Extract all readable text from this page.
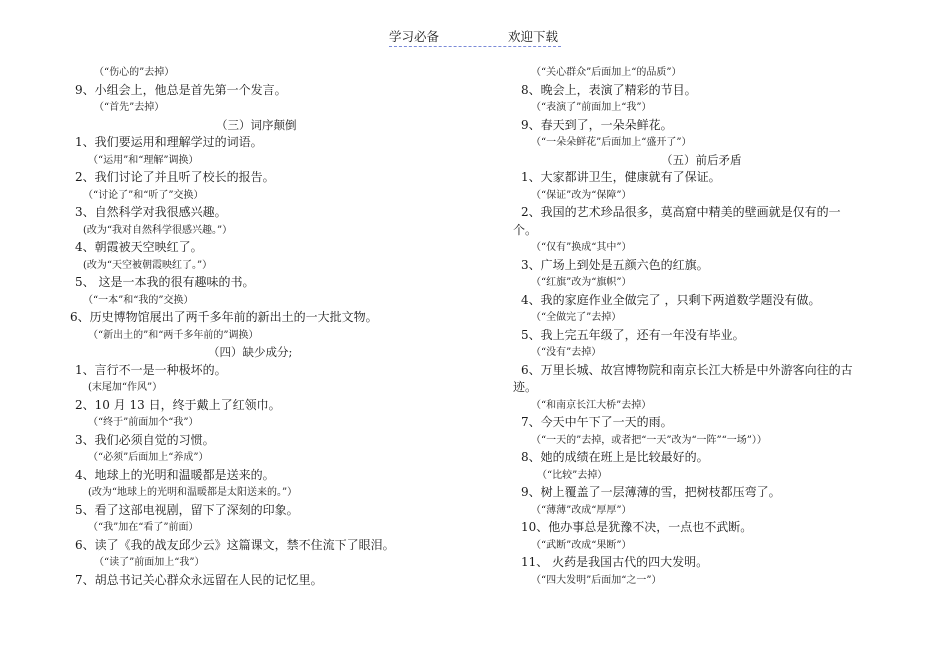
学习必备	欢迎下载
（“伤心的”去掉）
9、小组会上，他总是首先第一个发言。
（“首先”去掉）
（三）词序颠倒
1、我们要运用和理解学过的词语。
（“运用”和“理解”调换）
2、我们讨论了并且听了校长的报告。
（“讨论了”和“听了”交换）
3、自然科学对我很感兴趣。
(改为“我对自然科学很感兴趣。”）
4、朝霞被天空映红了。
(改为“天空被朝霞映红了。”）
5、 这是一本我的很有趣味的书。
（“一本”和“我的”交换）
6、历史博物馆展出了两千多年前的新出土的一大批文物。
（“新出土的”和“两千多年前的”调换）
（四）缺少成分;
1、言行不一是一种极坏的。
(末尾加“作风”）
2、10 月 13 日，终于戴上了红领巾。
（“终于”前面加个“我”）
3、我们必须自觉的习惯。
（“必须”后面加上“养成”）
4、地球上的光明和温暖都是送来的。
(改为“地球上的光明和温暖都是太阳送来的。”）
5、看了这部电视剧，留下了深刻的印象。
（“我”加在“看了”前面）
6、读了《我的战友邱少云》这篇课文，禁不住流下了眼泪。
（“读了”前面加上“我”）
7、胡总书记关心群众永远留在人民的记忆里。
（“关心群众”后面加上“的品质”）
8、晚会上，表演了精彩的节目。
（“表演了”前面加上“我”）
9、春天到了，一朵朵鲜花。
（“一朵朵鲜花”后面加上“盛开了”）
（五）前后矛盾
1、大家都讲卫生，健康就有了保证。
（“保证”改为“保障”）
2、我国的艺术珍品很多，莫高窟中精美的壁画就是仅有的一个。
（“仅有”换成“其中”）
3、广场上到处是五颜六色的红旗。
（“红旗”改为“旗帜”）
4、我的家庭作业全做完了 ，只剩下两道数学题没有做。
（“全做完了”去掉）
5、我上完五年级了，还有一年没有毕业。
（“没有”去掉）
6、万里长城、故宫博物院和南京长江大桥是中外游客向往的古迹。
（“和南京长江大桥”去掉）
7、今天中午下了一天的雨。
（“一天的”去掉，或者把“一天”改为“一阵”“一场”））
8、她的成绩在班上是比较最好的。
（“比较”去掉）
9、树上覆盖了一层薄薄的雪，把树枝都压弯了。
（“薄薄”改成“厚厚”）
10、他办事总是犹豫不决，一点也不武断。
（“武断”改成“果断”）
11、 火药是我国古代的四大发明。
（“四大发明”后面加“之一”）
